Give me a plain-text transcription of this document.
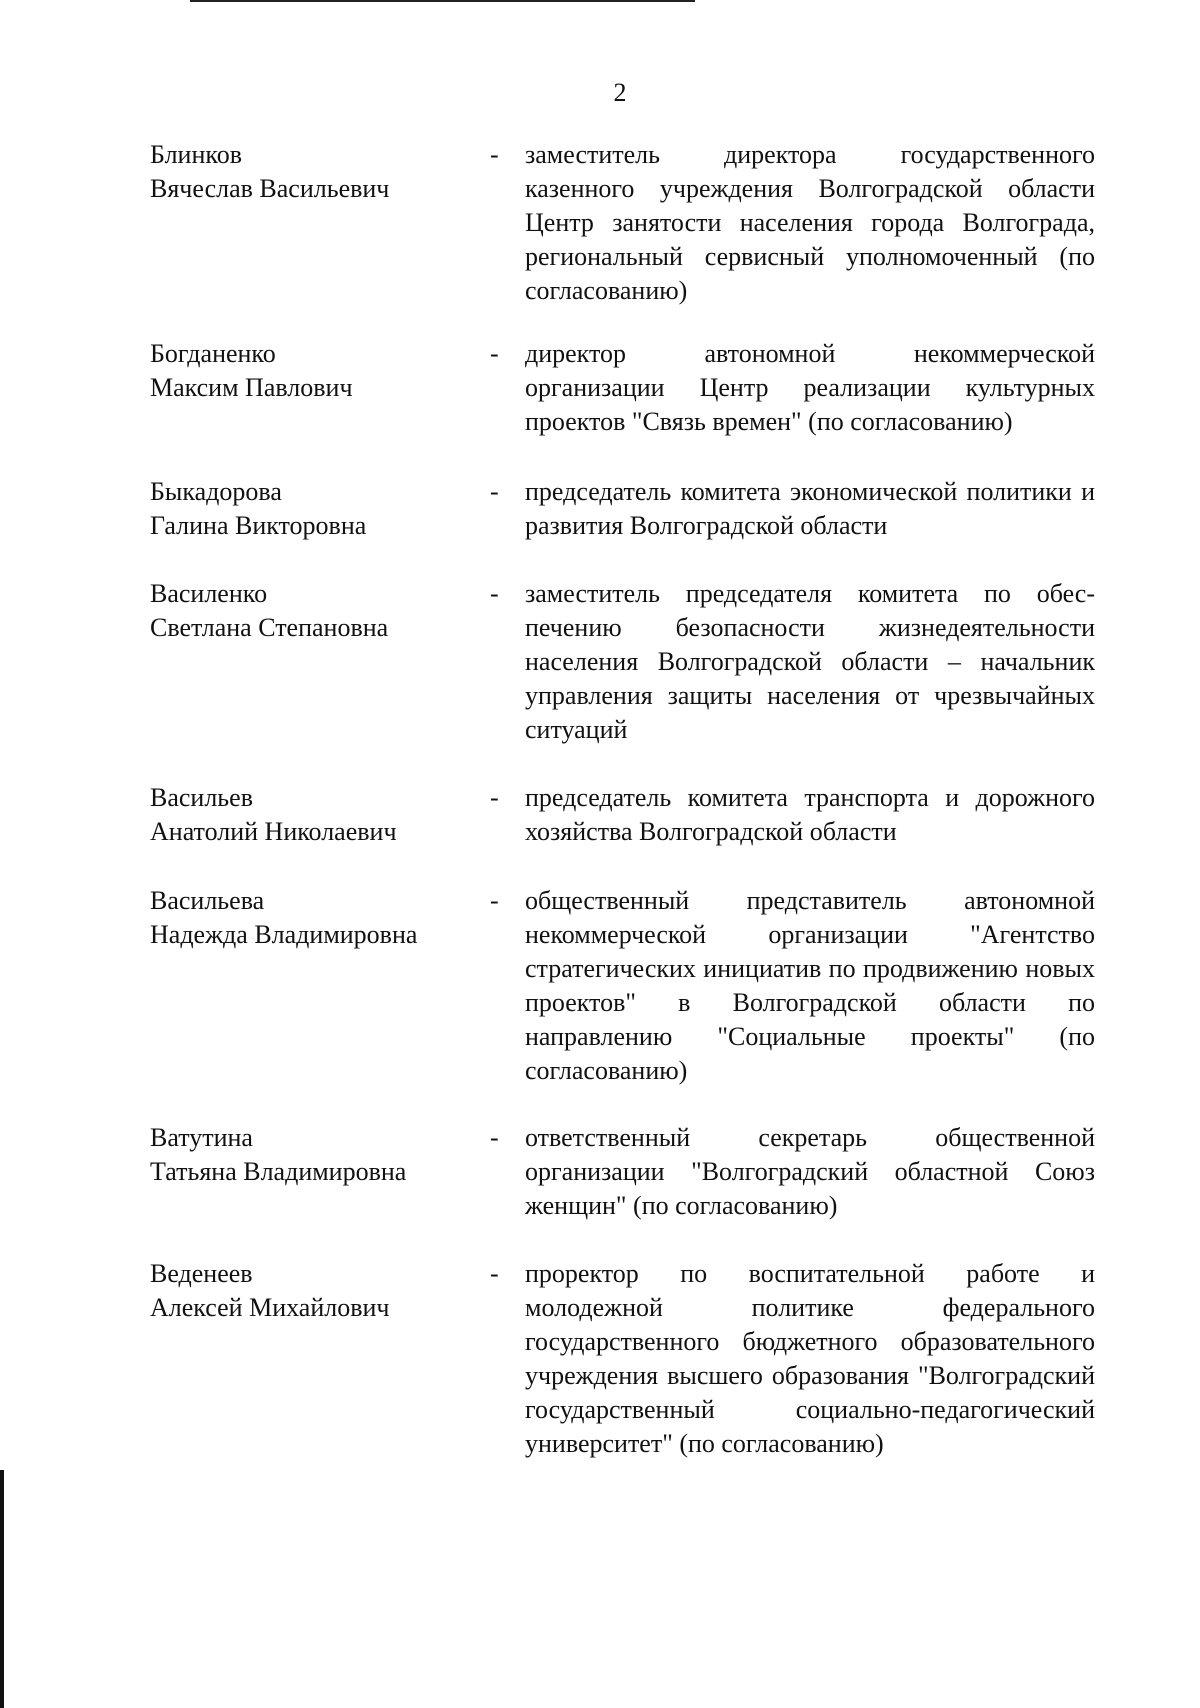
2
Блинков
Вячеслав Васильевич
-	заместитель директора государственного казенного учреждения Волгоградской области Центр занятости населения города Волгограда, региональный сервисный уполномоченный (по согласованию)
Богданенко
Максим Павлович
-	директор автономной некоммерческой организации Центр реализации культурных проектов "Связь времен" (по согласованию)
Быкадорова
Галина Викторовна
-	председатель комитета экономической политики и развития Волгоградской области
Василенко
Светлана Степановна
-	заместитель председателя комитета по обеспечению безопасности жизнедеятельности населения Волгоградской области – начальник управления защиты населения от чрезвычайных ситуаций
Васильев
Анатолий Николаевич
-	председатель комитета транспорта и дорожного хозяйства Волгоградской области
Васильева
Надежда Владимировна
-	общественный представитель автономной некоммерческой организации "Агентство стратегических инициатив по продвижению новых проектов" в Волгоградской области по направлению "Социальные проекты" (по согласованию)
Ватутина
Татьяна Владимировна
-	ответственный секретарь общественной организации "Волгоградский областной Союз женщин" (по согласованию)
Веденеев
Алексей Михайлович
-	проректор по воспитательной работе и молодежной политике федерального государственного бюджетного образовательного учреждения высшего образования "Волгоградский государственный социально-педагогический университет" (по согласованию)
